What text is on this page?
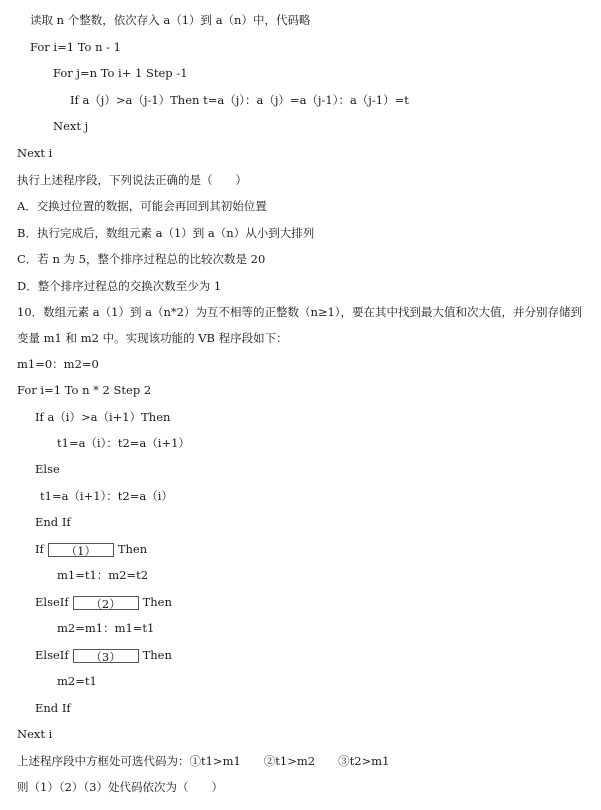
读取 n 个整数，依次存入 a（1）到 a（n）中，代码略
For i=1 To n - 1
For j=n To i+ 1 Step -1
If a（j）>a（j-1）Then t=a（j）：a（j）=a（j-1）：a（j-1）=t
Next j
Next i
执行上述程序段，下列说法正确的是（　　）
A．交换过位置的数据，可能会再回到其初始位置
B．执行完成后，数组元素 a（1）到 a（n）从小到大排列
C．若 n 为 5，整个排序过程总的比较次数是 20
D．整个排序过程总的交换次数至少为 1
10．数组元素 a（1）到 a（n*2）为互不相等的正整数（n≥1），要在其中找到最大值和次大值，并分别存储到
变量 m1 和 m2 中。实现该功能的 VB 程序段如下：
m1=0：m2=0
For i=1 To n * 2 Step 2
If a（i）>a（i+1）Then
t1=a（i）：t2=a（i+1）
Else
t1=a（i+1）：t2=a（i）
End If
If （1） Then
m1=t1：m2=t2
ElseIf （2） Then
m2=m1：m1=t1
ElseIf （3） Then
m2=t1
End If
Next i
上述程序段中方框处可选代码为：①t1>m1　　②t1>m2　　③t2>m1
则（1）（2）（3）处代码依次为（　　）
